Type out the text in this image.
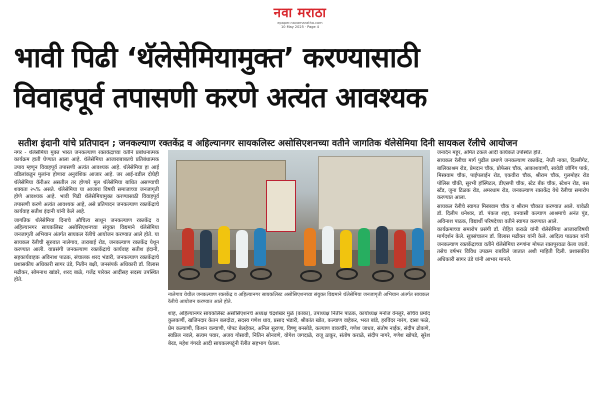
नवा मराठा
epaper.navamaratha.com
10 May 2025 · Page 4
भावी पिढी ‘थॅलेसेमियामुक्त’ करण्यासाठी
विवाहपूर्व तपासणी करणे अत्यंत आवश्यक
सतीश इंदानी यांचे प्रतिपादन ; जनकल्याण रक्तकेंद्र व अहिल्यानगर सायकलिस्ट असोसिएशनच्या वतीने जागतिक थॅलेसेमिया दिनी सायकल रॅलीचे आयोजन

नगर - थॅलेसेमिया मुक्त भारत जनकल्याण रक्तकेंद्राच्या वतीने प्रबोधनात्मक कार्यक्रम हाती घेण्यात आला आहे. थॅलेसेमिया आजाराबाबतचे प्रतिबंधात्मक उपाय म्हणून विवाहपूर्व तपासणी अत्यंत आवश्यक आहे. थॅलेसेमिया हा आई वडिलांकडून मुलांना होणारा अनुवंशिक आजार आहे. जर आई-वडील दोघेही थॅलेसेमिया कॅरीअर असतील तर होणारे मूल थॅलेसेमिया बाधित असण्याची शक्यता २५% असते. थॅलेसेमिया या आजारा विषयी समाजाच्या जनजागृती होणे आवश्यक आहे. भावी पिढी थॅलेसेमियामुक्त करण्यासाठी विवाहपूर्व तपासणी करणे अत्यंत आवश्यक आहे, असे प्रतिपादन जनकल्याण रक्तकेंद्राचे कार्यवाह सतीश इंदानी यांनी केले आहे.

जागतिक थॅलेसेमिया दिनाचे औचित्य साधून जनकल्याण रक्तकेंद्र व अहिल्यानगर सायकलिस्ट असोसिएशनच्या संयुक्त विद्यमाने थॅलेसेमिया जनजागृती अभियान अंतर्गत सायकल रॅलीचे आयोजन करण्यात आले होते. या सायकल रॅलीची सुरुवात नालेगाव, ताराबाई रोड, जनकल्याण रक्तकेंद्र येथून करण्यात आली. याप्रसंगी जनकल्याण रक्तकेंद्राचे कार्यवाह सतीश इंदानी, सहकार्यवाहक अविनाश पाठक, संचालक शरद भंडारी, जनकल्याण रक्तकेंद्राचे प्रशासकीय अधिकारी सागर उंडे, नितीन बक्षी, जनसंपर्क अधिकारी डॉ. विलास मढीकर, सोमनाथ खांडरे, शरद बाळे, गजेंद्र पारेकर आदींसह सदस्य उपस्थित होते.

नालेगाव येथील जनकल्याण रक्तकेंद्र व अहिल्यानगर सायकलिस्ट असोसिएशनच्या संयुक्त विद्यमाने थॅलेसेमिया जनजागृती अभियान अंतर्गत सायकल रॅलीचे आयोजन करण्यात आले होते.

शाह, अहिल्यानगर सायकलिस्ट असोसिएशनचे अध्यक्ष चंद्रशेखर मुळे (काका), उपाध्यक्ष नितीन पाठक, कार्याध्यक्ष मनोज वेनलुरे, सचिव प्रमोद कुलकर्णी, खजिनदार केतन बलदोटा, सदस्य गणेश धाव, प्रसाद भंडारी, श्रीकांत खोत, कल्याण वाहेकर, भरत बांडे, हरविंदर नारंग, दासा फळे, प्रेम कल्याणी, किशन वल्याणी, पोपट बेलहेकर, अनिल सुराणा, विष्णु बनसोडे, कल्याण वाकचौरे, गणेश जाधव, संतोष नाईक, संदीप ढोकणे, स्वप्निल नवले, सत्यम पवार, अजय गोसावी, नितिन सोनवणे, योगेश जगदाळे, राजू ठाकूर, संतोष कराळे, संदीप नागरे, गणेश खोपडे, सुरेश बेरड, महेश गंगरडे आदी सायकलपटूंनी रॅलीत सहभाग घेतला.

जनार्दन महूर, अमित टकले आदी कार्यकर्ते उपस्थित होते.

सायकल रॅलीचा मार्ग पुढील प्रमाणे जनकल्याण रक्तकेंद्र, नेप्ती नाका, दिल्लीगेट, बालिकाश्रम रोड, प्रेमदान चौक, प्रोफेसर चौक, आकाशवाणी, सावेडी जॉगिंग पार्क, मिस्त्रवाम चौक, पाईपलाईन रोड, एकवीरा चौक, श्रीराम चौक, गुलमोहर रोड पोलिस चौकी, सुरभी हॉस्पिटल, डीएसपी चौक, स्टेट बँक चौक, स्टेशन रोड, बस स्टँड, जुना टिळक रोड, अमरधाम रोड, जनकल्याण रक्तकेंद्र येथे रॅलीचा समारोप करण्यात आला.

सायकल रॅलीचे स्वागत मिस्त्रवाम चौक व श्रीराम चौकात करण्यात आले. यावेळी डॉ. दिलीप धनेश्वर, डॉ. पंकज शहा, वनवासी कल्याण आश्रमाचे अनंत पुंड, अविनाश पाठक, विद्यार्थी परिषदेच्या वतीने स्वागत करण्यात आले.

कार्यक्रमाच्या समारोप प्रसंगी डॉ. रोहित कराळे यांनी थॅलेसेमिया आजाराविषयी मार्गदर्शन केले. सूत्रसंचालन डॉ. विलास मढीकर यांनी केले. आदित्य पाठकर यांनी जनकल्याण रक्तकेंद्राच्या वतीने थॅलेसेमिया रुग्णांना मोफत रक्तपुरवठा केला जातो. तसेच वर्षभर विविध उपक्रम राबविले जातात अशी माहिती दिली. प्रशासकीय अधिकारी सागर उंडे यांनी आभार मानले.
